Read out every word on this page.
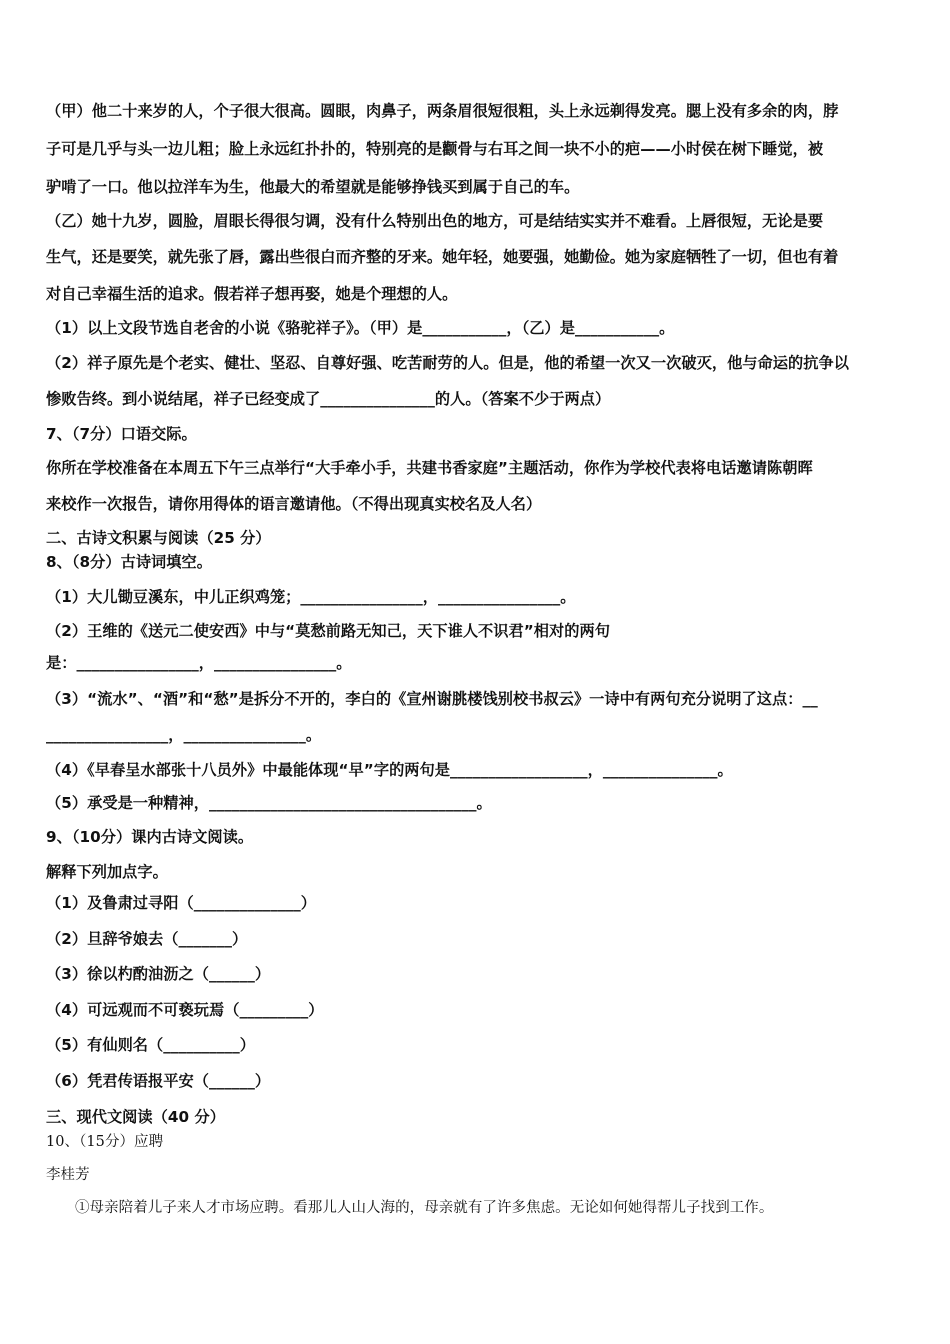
（甲）他二十来岁的人，个子很大很高。圆眼，肉鼻子，两条眉很短很粗，头上永远剃得发亮。腮上没有多余的肉，脖
子可是几乎与头一边儿粗；脸上永远红扑扑的，特别亮的是颧骨与右耳之间一块不小的疤——小时侯在树下睡觉，被
驴啃了一口。他以拉洋车为生，他最大的希望就是能够挣钱买到属于自己的车。
（乙）她十九岁，圆脸，眉眼长得很匀调，没有什么特别出色的地方，可是结结实实并不难看。上唇很短，无论是要
生气，还是要笑，就先张了唇，露出些很白而齐整的牙来。她年轻，她要强，她勤俭。她为家庭牺牲了一切，但也有着
对自己幸福生活的追求。假若祥子想再娶，她是个理想的人。
（1）以上文段节选自老舍的小说《骆驼祥子》。（甲）是___________，（乙）是___________。
（2）祥子原先是个老实、健壮、坚忍、自尊好强、吃苦耐劳的人。但是，他的希望一次又一次破灭，他与命运的抗争以
惨败告终。到小说结尾，祥子已经变成了_______________的人。（答案不少于两点）
7、（7分）口语交际。
你所在学校准备在本周五下午三点举行“大手牵小手，共建书香家庭”主题活动，你作为学校代表将电话邀请陈朝晖
来校作一次报告，请你用得体的语言邀请他。（不得出现真实校名及人名）
二、古诗文积累与阅读（25 分）
8、（8分）古诗词填空。
（1）大儿锄豆溪东，中儿正织鸡笼；________________，________________。
（2）王维的《送元二使安西》中与“莫愁前路无知己，天下谁人不识君”相对的两句
是：________________，________________。
（3）“流水”、“酒”和“愁”是拆分不开的，李白的《宣州谢朓楼饯别校书叔云》一诗中有两句充分说明了这点：__
________________，________________。
（4）《早春呈水部张十八员外》中最能体现“早”字的两句是__________________，_______________。
（5）承受是一种精神，___________________________________。
9、（10分）课内古诗文阅读。
解释下列加点字。
（1）及鲁肃过寻阳（______________）
（2）旦辞爷娘去（_______）
（3）徐以杓酌油沥之（______）
（4）可远观而不可亵玩焉（_________）
（5）有仙则名（__________）
（6）凭君传语报平安（______）
三、现代文阅读（40 分）
10、（15分）应聘
李桂芳
①母亲陪着儿子来人才市场应聘。看那儿人山人海的，母亲就有了许多焦虑。无论如何她得帮儿子找到工作。
